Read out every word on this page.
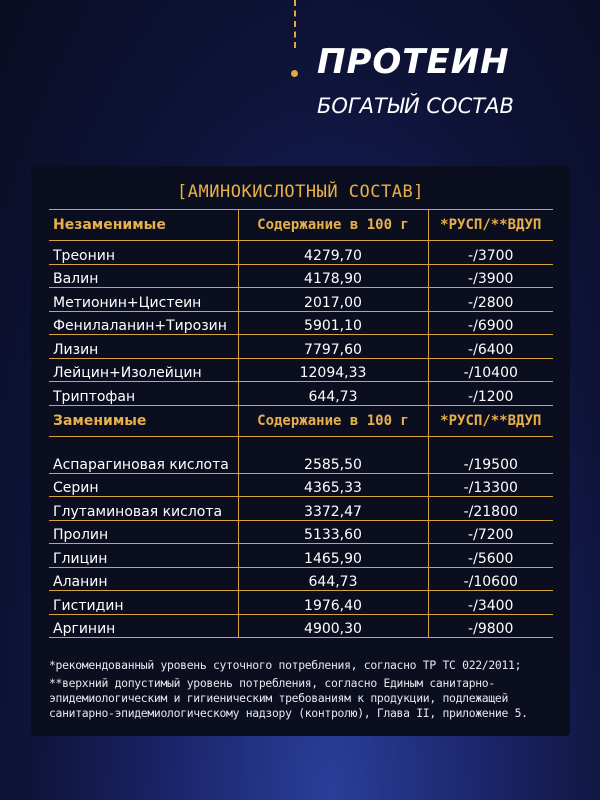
ПРОТЕИН
БОГАТЫЙ СОСТАВ
[АМИНОКИСЛОТНЫЙ СОСТАВ]
Незаменимые	Содержание в 100 г	*РУСП/**ВДУП
Треонин	4279,70	-/3700
Валин	4178,90	-/3900
Метионин+Цистеин	2017,00	-/2800
Фенилаланин+Тирозин	5901,10	-/6900
Лизин	7797,60	-/6400
Лейцин+Изолейцин	12094,33	-/10400
Триптофан	644,73	-/1200
Заменимые	Содержание в 100 г	*РУСП/**ВДУП
Аспарагиновая кислота	2585,50	-/19500
Серин	4365,33	-/13300
Глутаминовая кислота	3372,47	-/21800
Пролин	5133,60	-/7200
Глицин	1465,90	-/5600
Аланин	644,73	-/10600
Гистидин	1976,40	-/3400
Аргинин	4900,30	-/9800

*рекомендованный уровень суточного потребления, согласно ТР ТС 022/2011;

**верхний допустимый уровень потребления, согласно Единым санитарно-эпидемиологическим и гигиеническим требованиям к продукции, подлежащей санитарно-эпидемиологическому надзору (контролю), Глава II, приложение 5.
